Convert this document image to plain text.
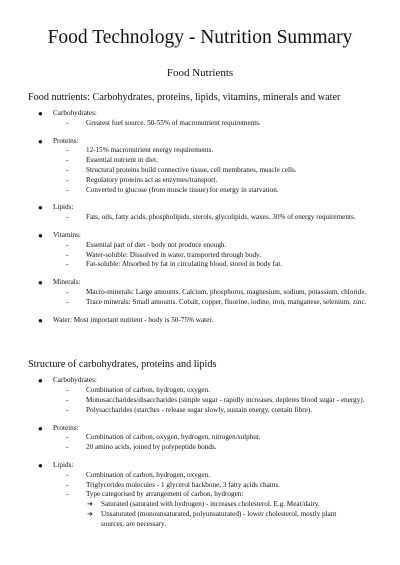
Food Technology - Nutrition Summary
Food Nutrients
Food nutrients: Carbohydrates, proteins, lipids, vitamins, minerals and water
● Carbohydrates:
- Greatest fuel source. 50-55% of macronutrient requirements.
● Proteins:
- 12-15% macronutrient energy requirements.
- Essential nutrient in diet.
- Structural proteins build connective tissue, cell membranes, muscle cells.
- Regulatory proteins act as enzymes/transport.
- Converted to glucose (from muscle tissue) for energy in starvation.
● Lipids:
- Fats, oils, fatty acids, phospholipids, sterols, glycolipids, waxes. 30% of energy requirements.
● Vitamins:
- Essential part of diet - body not produce enough.
- Water-soluble: Dissolved in water, transported through body.
- Fat-soluble: Absorbed by fat in circulating blood, stored in body fat.
● Minerals:
- Macro-minerals: Large amounts. Calcium, phosphorus, magnesium, sodium, potassium, chloride.
- Trace minerals: Small amounts. Cobalt, copper, fluorine, iodine, iron, manganese, selenium, zinc.
● Water: Most important nutrient - body is 50-75% water.
Structure of carbohydrates, proteins and lipids
● Carbohydrates:
- Combination of carbon, hydrogen, oxygen.
- Monosaccharides/disaccharides (simple sugar - rapidly increases, depletes blood sugar - energy).
- Polysaccharides (starches - release sugar slowly, sustain energy, contain fibre).
● Proteins:
- Combination of carbon, oxygen, hydrogen, nitrogen/sulphur.
- 20 amino acids, joined by polypeptide bonds.
● Lipids:
- Combination of carbon, hydrogen, oxygen.
- Triglycerides molecules - 1 glycerol backbone, 3 fatty acids chains.
- Type categorised by arrangement of carbon, hydrogen:
➔ Saturated (saturated with hydrogen) - increases cholesterol. E.g. Meat/dairy.
➔ Unsaturated (monounsaturated, polyunsaturated) - lower cholesterol, mostly plant sources, are necessary.
